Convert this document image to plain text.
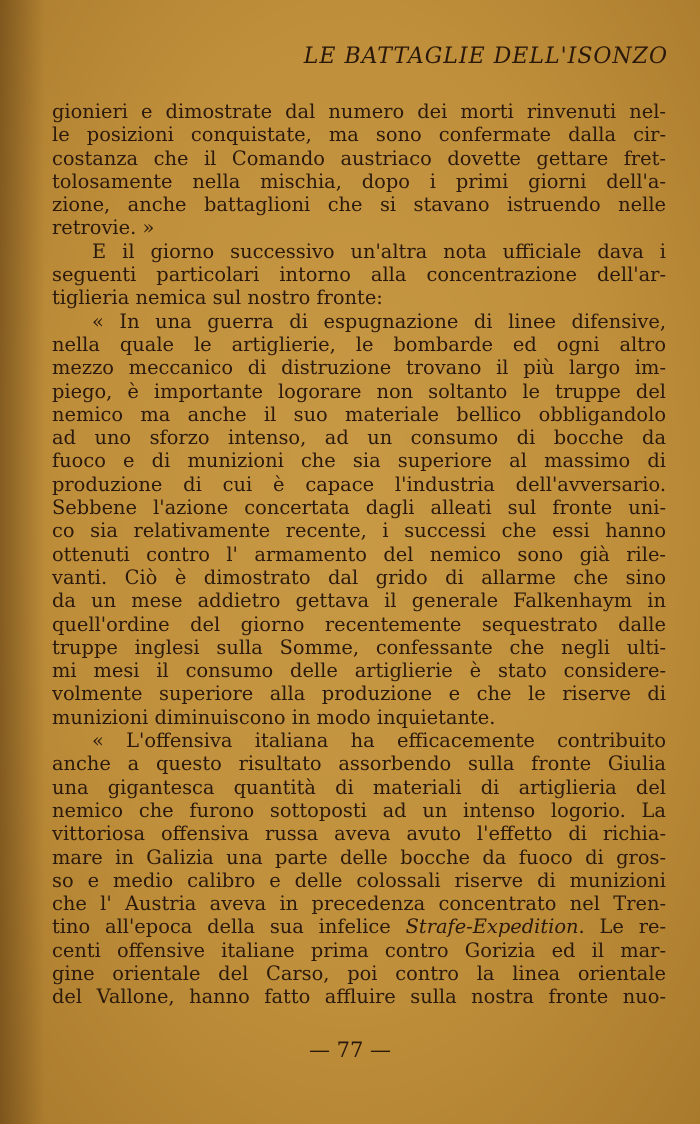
LE BATTAGLIE DELL'ISONZO
gionieri e dimostrate dal numero dei morti rinvenuti nel-
le posizioni conquistate, ma sono confermate dalla cir-
costanza che il Comando austriaco dovette gettare fret-
tolosamente nella mischia, dopo i primi giorni dell'a-
zione, anche battaglioni che si stavano istruendo nelle
retrovie. »
E il giorno successivo un'altra nota ufficiale dava i
seguenti particolari intorno alla concentrazione dell'ar-
tiglieria nemica sul nostro fronte:
« In una guerra di espugnazione di linee difensive,
nella quale le artiglierie, le bombarde ed ogni altro
mezzo meccanico di distruzione trovano il più largo im-
piego, è importante logorare non soltanto le truppe del
nemico ma anche il suo materiale bellico obbligandolo
ad uno sforzo intenso, ad un consumo di bocche da
fuoco e di munizioni che sia superiore al massimo di
produzione di cui è capace l'industria dell'avversario.
Sebbene l'azione concertata dagli alleati sul fronte uni-
co sia relativamente recente, i successi che essi hanno
ottenuti contro l' armamento del nemico sono già rile-
vanti. Ciò è dimostrato dal grido di allarme che sino
da un mese addietro gettava il generale Falkenhaym in
quell'ordine del giorno recentemente sequestrato dalle
truppe inglesi sulla Somme, confessante che negli ulti-
mi mesi il consumo delle artiglierie è stato considere-
volmente superiore alla produzione e che le riserve di
munizioni diminuiscono in modo inquietante.
« L'offensiva italiana ha efficacemente contribuito
anche a questo risultato assorbendo sulla fronte Giulia
una gigantesca quantità di materiali di artiglieria del
nemico che furono sottoposti ad un intenso logorio. La
vittoriosa offensiva russa aveva avuto l'effetto di richia-
mare in Galizia una parte delle bocche da fuoco di gros-
so e medio calibro e delle colossali riserve di munizioni
che l' Austria aveva in precedenza concentrato nel Tren-
tino all'epoca della sua infelice Strafe-Expedition. Le re-
centi offensive italiane prima contro Gorizia ed il mar-
gine orientale del Carso, poi contro la linea orientale
del Vallone, hanno fatto affluire sulla nostra fronte nuo-
— 77 —
